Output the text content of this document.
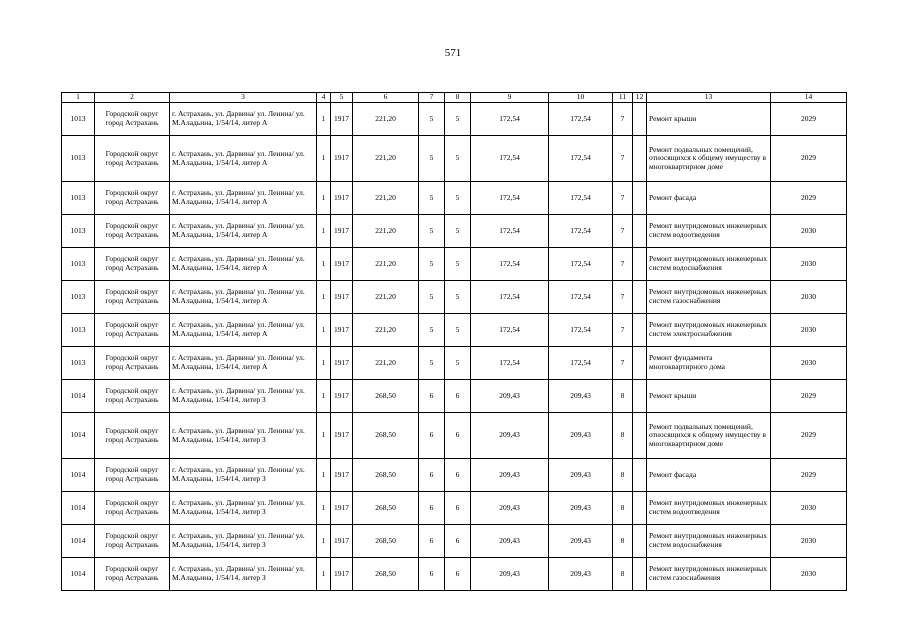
571
1	2	3	4	5	6	7	8	9	10	11	12	13	14
1013	Городской округ город Астрахань	г. Астрахань, ул. Дарвина/ ул. Ленина/ ул. М.Аладьина, 1/54/14, литер А	1	1917	221,20	5	5	172,54	172,54	7		Ремонт крыши	2029
1013	Городской округ город Астрахань	г. Астрахань, ул. Дарвина/ ул. Ленина/ ул. М.Аладьина, 1/54/14, литер А	1	1917	221,20	5	5	172,54	172,54	7		Ремонт подвальных помещений, относящихся к общему имуществу в многоквартирном доме	2029
1013	Городской округ город Астрахань	г. Астрахань, ул. Дарвина/ ул. Ленина/ ул. М.Аладьина, 1/54/14, литер А	1	1917	221,20	5	5	172,54	172,54	7		Ремонт фасада	2029
1013	Городской округ город Астрахань	г. Астрахань, ул. Дарвина/ ул. Ленина/ ул. М.Аладьина, 1/54/14, литер А	1	1917	221,20	5	5	172,54	172,54	7		Ремонт внутридомовых инженерных систем водоотведения	2030
1013	Городской округ город Астрахань	г. Астрахань, ул. Дарвина/ ул. Ленина/ ул. М.Аладьина, 1/54/14, литер А	1	1917	221,20	5	5	172,54	172,54	7		Ремонт внутридомовых инженерных систем водоснабжения	2030
1013	Городской округ город Астрахань	г. Астрахань, ул. Дарвина/ ул. Ленина/ ул. М.Аладьина, 1/54/14, литер А	1	1917	221,20	5	5	172,54	172,54	7		Ремонт внутридомовых инженерных систем газоснабжения	2030
1013	Городской округ город Астрахань	г. Астрахань, ул. Дарвина/ ул. Ленина/ ул. М.Аладьина, 1/54/14, литер А	1	1917	221,20	5	5	172,54	172,54	7		Ремонт внутридомовых инженерных систем электроснабжения	2030
1013	Городской округ город Астрахань	г. Астрахань, ул. Дарвина/ ул. Ленина/ ул. М.Аладьина, 1/54/14, литер А	1	1917	221,20	5	5	172,54	172,54	7		Ремонт фундамента многоквартирного дома	2030
1014	Городской округ город Астрахань	г. Астрахань, ул. Дарвина/ ул. Ленина/ ул. М.Аладьина, 1/54/14, литер З	1	1917	268,50	6	6	209,43	209,43	8		Ремонт крыши	2029
1014	Городской округ город Астрахань	г. Астрахань, ул. Дарвина/ ул. Ленина/ ул. М.Аладьина, 1/54/14, литер З	1	1917	268,50	6	6	209,43	209,43	8		Ремонт подвальных помещений, относящихся к общему имуществу в многоквартирном доме	2029
1014	Городской округ город Астрахань	г. Астрахань, ул. Дарвина/ ул. Ленина/ ул. М.Аладьина, 1/54/14, литер З	1	1917	268,50	6	6	209,43	209,43	8		Ремонт фасада	2029
1014	Городской округ город Астрахань	г. Астрахань, ул. Дарвина/ ул. Ленина/ ул. М.Аладьина, 1/54/14, литер З	1	1917	268,50	6	6	209,43	209,43	8		Ремонт внутридомовых инженерных систем водоотведения	2030
1014	Городской округ город Астрахань	г. Астрахань, ул. Дарвина/ ул. Ленина/ ул. М.Аладьина, 1/54/14, литер З	1	1917	268,50	6	6	209,43	209,43	8		Ремонт внутридомовых инженерных систем водоснабжения	2030
1014	Городской округ город Астрахань	г. Астрахань, ул. Дарвина/ ул. Ленина/ ул. М.Аладьина, 1/54/14, литер З	1	1917	268,50	6	6	209,43	209,43	8		Ремонт внутридомовых инженерных систем газоснабжения	2030
